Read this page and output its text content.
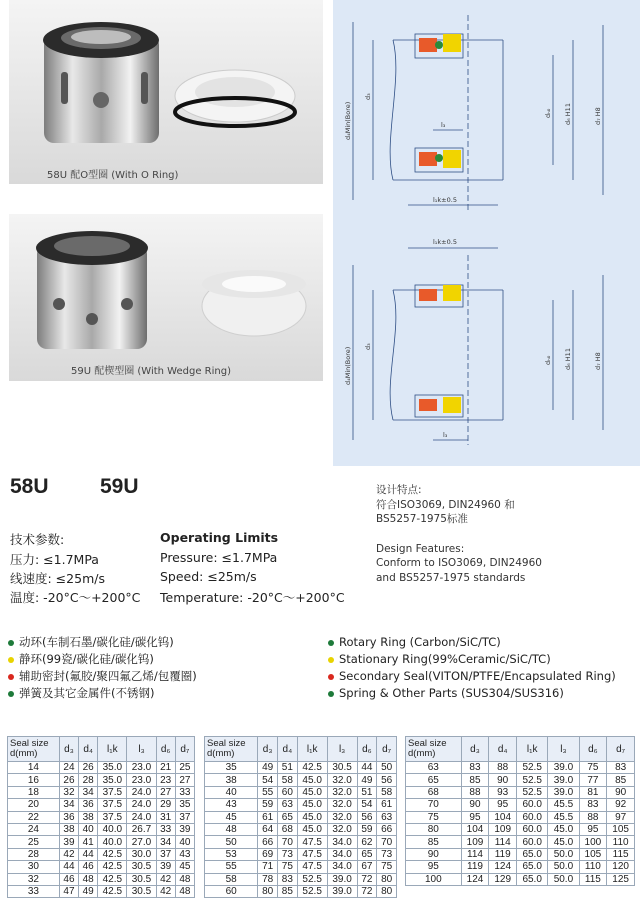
58U 配O型圈 (With O Ring)
59U 配楔型圈 (With Wedge Ring)
d₄Min(Bore)
d₃
dₕ₀ d₆ H11	d₇ H8
l₃
l₁k±0.5
l₁k±0.5
d₄Min(Bore)
d₃
dₕ₀ d₆ H11	d₇ H8
l₃
58U 59U	设计特点:
符合ISO3069, DIN24960 和
BS5257-1975标准
Design Features:
Conform to ISO3069, DIN24960
and BS5257-1975 standards
技术参数:	Operating Limits
压力: ≤1.7MPa
线速度: ≤25m/s
温度: -20°C～+200°C
Pressure: ≤1.7MPa
Speed: ≤25m/s
Temperature: -20°C～+200°C
动环(车制石墨/碳化硅/碳化钨)
静环(99瓷/碳化硅/碳化钨)
辅助密封(氟胶/聚四氟乙烯/包覆圈)
弹簧及其它金属件(不锈钢)
Rotary Ring (Carbon/SiC/TC)
Stationary Ring(99%Ceramic/SiC/TC)
Secondary Seal(VITON/PTFE/Encapsulated Ring)
Spring & Other Parts (SUS304/SUS316)
Seal size
d(mm)	d₃	d₄	l₁k	l₃	d₆	d₇
14	24	26	35.0	23.0	21	25
16	26	28	35.0	23.0	23	27
18	32	34	37.5	24.0	27	33
20	34	36	37.5	24.0	29	35
22	36	38	37.5	24.0	31	37
24	38	40	40.0	26.7	33	39
25	39	41	40.0	27.0	34	40
28	42	44	42.5	30.0	37	43
30	44	46	42.5	30.5	39	45
32	46	48	42.5	30.5	42	48
33	47	49	42.5	30.5	42	48
Seal size
d(mm)	d₃	d₄	l₁k	l₃	d₆	d₇
35	49	51	42.5	30.5	44	50
38	54	58	45.0	32.0	49	56
40	55	60	45.0	32.0	51	58
43	59	63	45.0	32.0	54	61
45	61	65	45.0	32.0	56	63
48	64	68	45.0	32.0	59	66
50	66	70	47.5	34.0	62	70
53	69	73	47.5	34.0	65	73
55	71	75	47.5	34.0	67	75
58	78	83	52.5	39.0	72	80
60	80	85	52.5	39.0	72	80
Seal size
d(mm)	d₃	d₄	l₁k	l₃	d₆	d₇
63	83	88	52.5	39.0	75	83
65	85	90	52.5	39.0	77	85
68	88	93	52.5	39.0	81	90
70	90	95	60.0	45.5	83	92
75	95	104	60.0	45.5	88	97
80	104	109	60.0	45.0	95	105
85	109	114	60.0	45.0	100	110
90	114	119	65.0	50.0	105	115
95	119	124	65.0	50.0	110	120
100	124	129	65.0	50.0	115	125
